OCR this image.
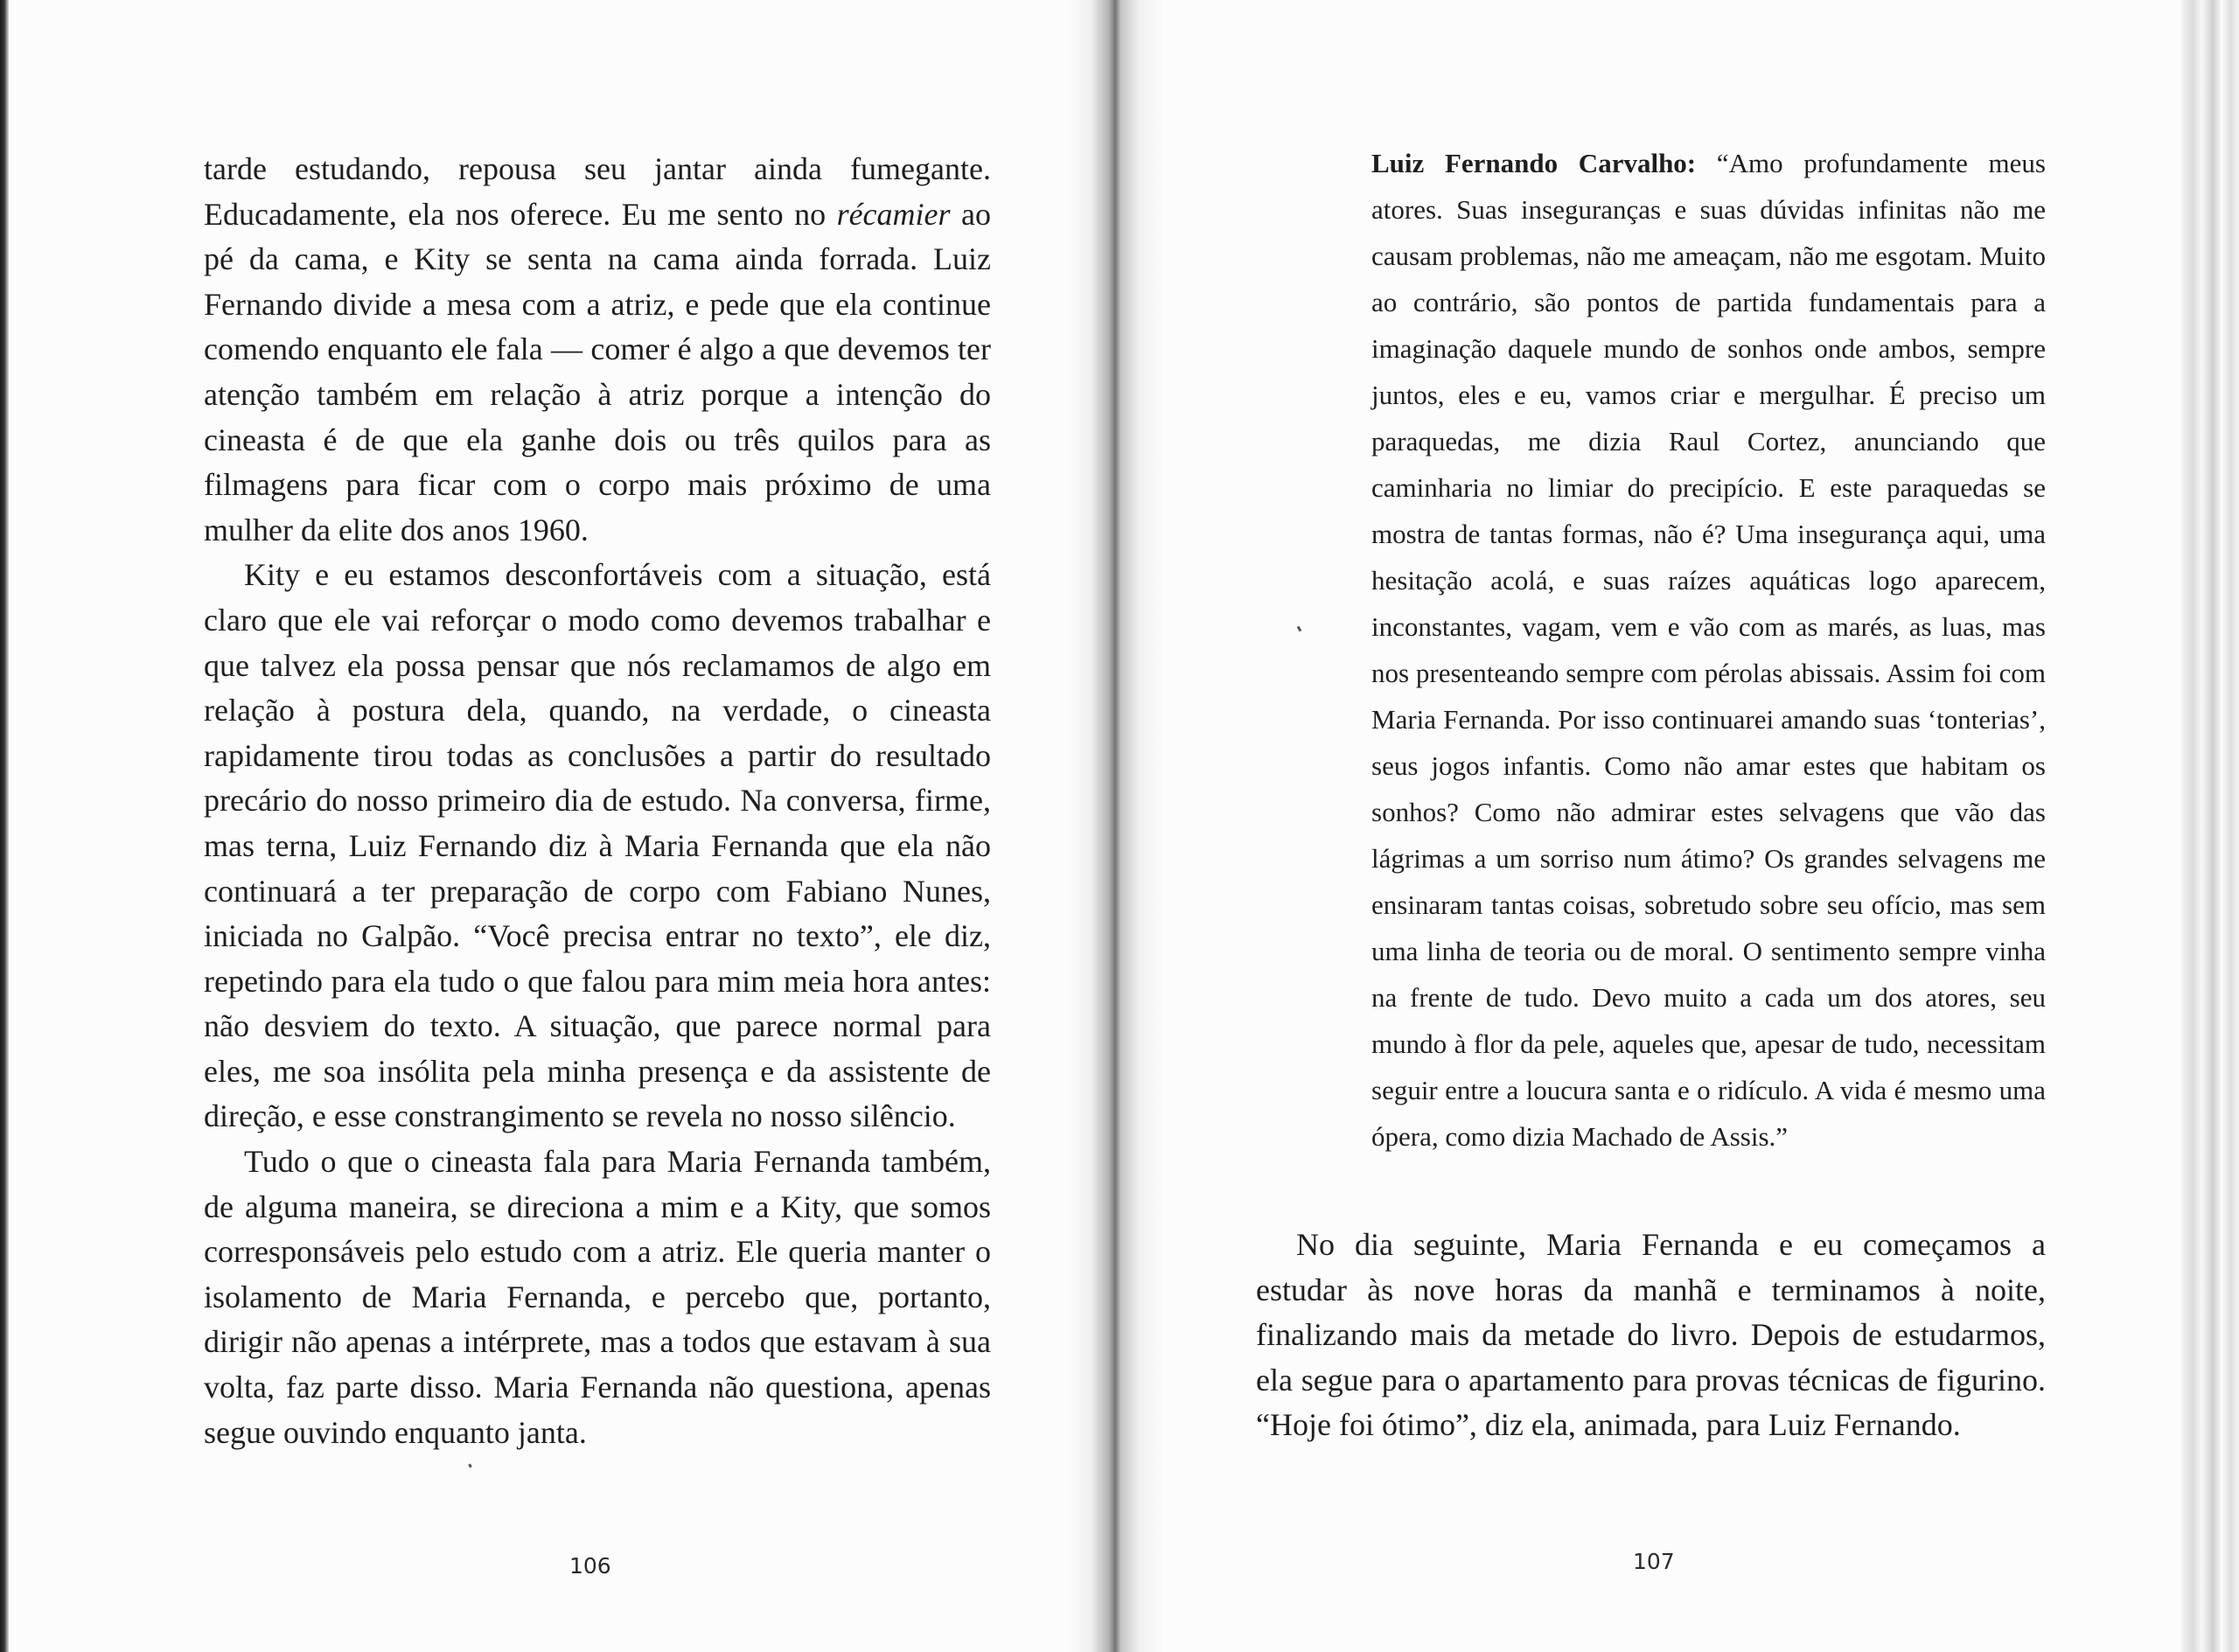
tarde estudando, repousa seu jantar ainda fumegante. Educadamente, ela nos oferece. Eu me sento no récamier ao pé da cama, e Kity se senta na cama ainda forrada. Luiz Fernando divide a mesa com a atriz, e pede que ela continue comendo enquanto ele fala — comer é algo a que devemos ter atenção também em relação à atriz porque a intenção do cineasta é de que ela ganhe dois ou três quilos para as filmagens para ficar com o corpo mais próximo de uma mulher da elite dos anos 1960.

Kity e eu estamos desconfortáveis com a situação, está claro que ele vai reforçar o modo como devemos trabalhar e que talvez ela possa pensar que nós reclamamos de algo em relação à postura dela, quando, na verdade, o cineasta rapidamente tirou todas as conclusões a partir do resultado precário do nosso primeiro dia de estudo. Na conversa, firme, mas terna, Luiz Fernando diz à Maria Fernanda que ela não continuará a ter preparação de corpo com Fabiano Nunes, iniciada no Galpão. “Você precisa entrar no texto”, ele diz, repetindo para ela tudo o que falou para mim meia hora antes: não desviem do texto. A situação, que parece normal para eles, me soa insólita pela minha presença e da assistente de direção, e esse constrangimento se revela no nosso silêncio.

Tudo o que o cineasta fala para Maria Fernanda também, de alguma maneira, se direciona a mim e a Kity, que somos corresponsáveis pelo estudo com a atriz. Ele queria manter o isolamento de Maria Fernanda, e percebo que, portanto, dirigir não apenas a intérprete, mas a todos que estavam à sua volta, faz parte disso. Maria Fernanda não questiona, apenas segue ouvindo enquanto janta.

106

Luiz Fernando Carvalho: “Amo profundamente meus atores. Suas inseguranças e suas dúvidas infinitas não me causam problemas, não me ameaçam, não me esgotam. Muito ao contrário, são pontos de partida fundamentais para a imaginação daquele mundo de sonhos onde ambos, sempre juntos, eles e eu, vamos criar e mergulhar. É preciso um paraquedas, me dizia Raul Cortez, anunciando que caminharia no limiar do precipício. E este paraquedas se mostra de tantas formas, não é? Uma insegurança aqui, uma hesitação acolá, e suas raízes aquáticas logo aparecem, inconstantes, vagam, vem e vão com as marés, as luas, mas nos presenteando sempre com pérolas abissais. Assim foi com Maria Fernanda. Por isso continuarei amando suas ‘tonterias’, seus jogos infantis. Como não amar estes que habitam os sonhos? Como não admirar estes selvagens que vão das lágrimas a um sorriso num átimo? Os grandes selvagens me ensinaram tantas coisas, sobretudo sobre seu ofício, mas sem uma linha de teoria ou de moral. O sentimento sempre vinha na frente de tudo. Devo muito a cada um dos atores, seu mundo à flor da pele, aqueles que, apesar de tudo, necessitam seguir entre a loucura santa e o ridículo. A vida é mesmo uma ópera, como dizia Machado de Assis.”

No dia seguinte, Maria Fernanda e eu começamos a estudar às nove horas da manhã e terminamos à noite, finalizando mais da metade do livro. Depois de estudarmos, ela segue para o apartamento para provas técnicas de figurino. “Hoje foi ótimo”, diz ela, animada, para Luiz Fernando.

107
